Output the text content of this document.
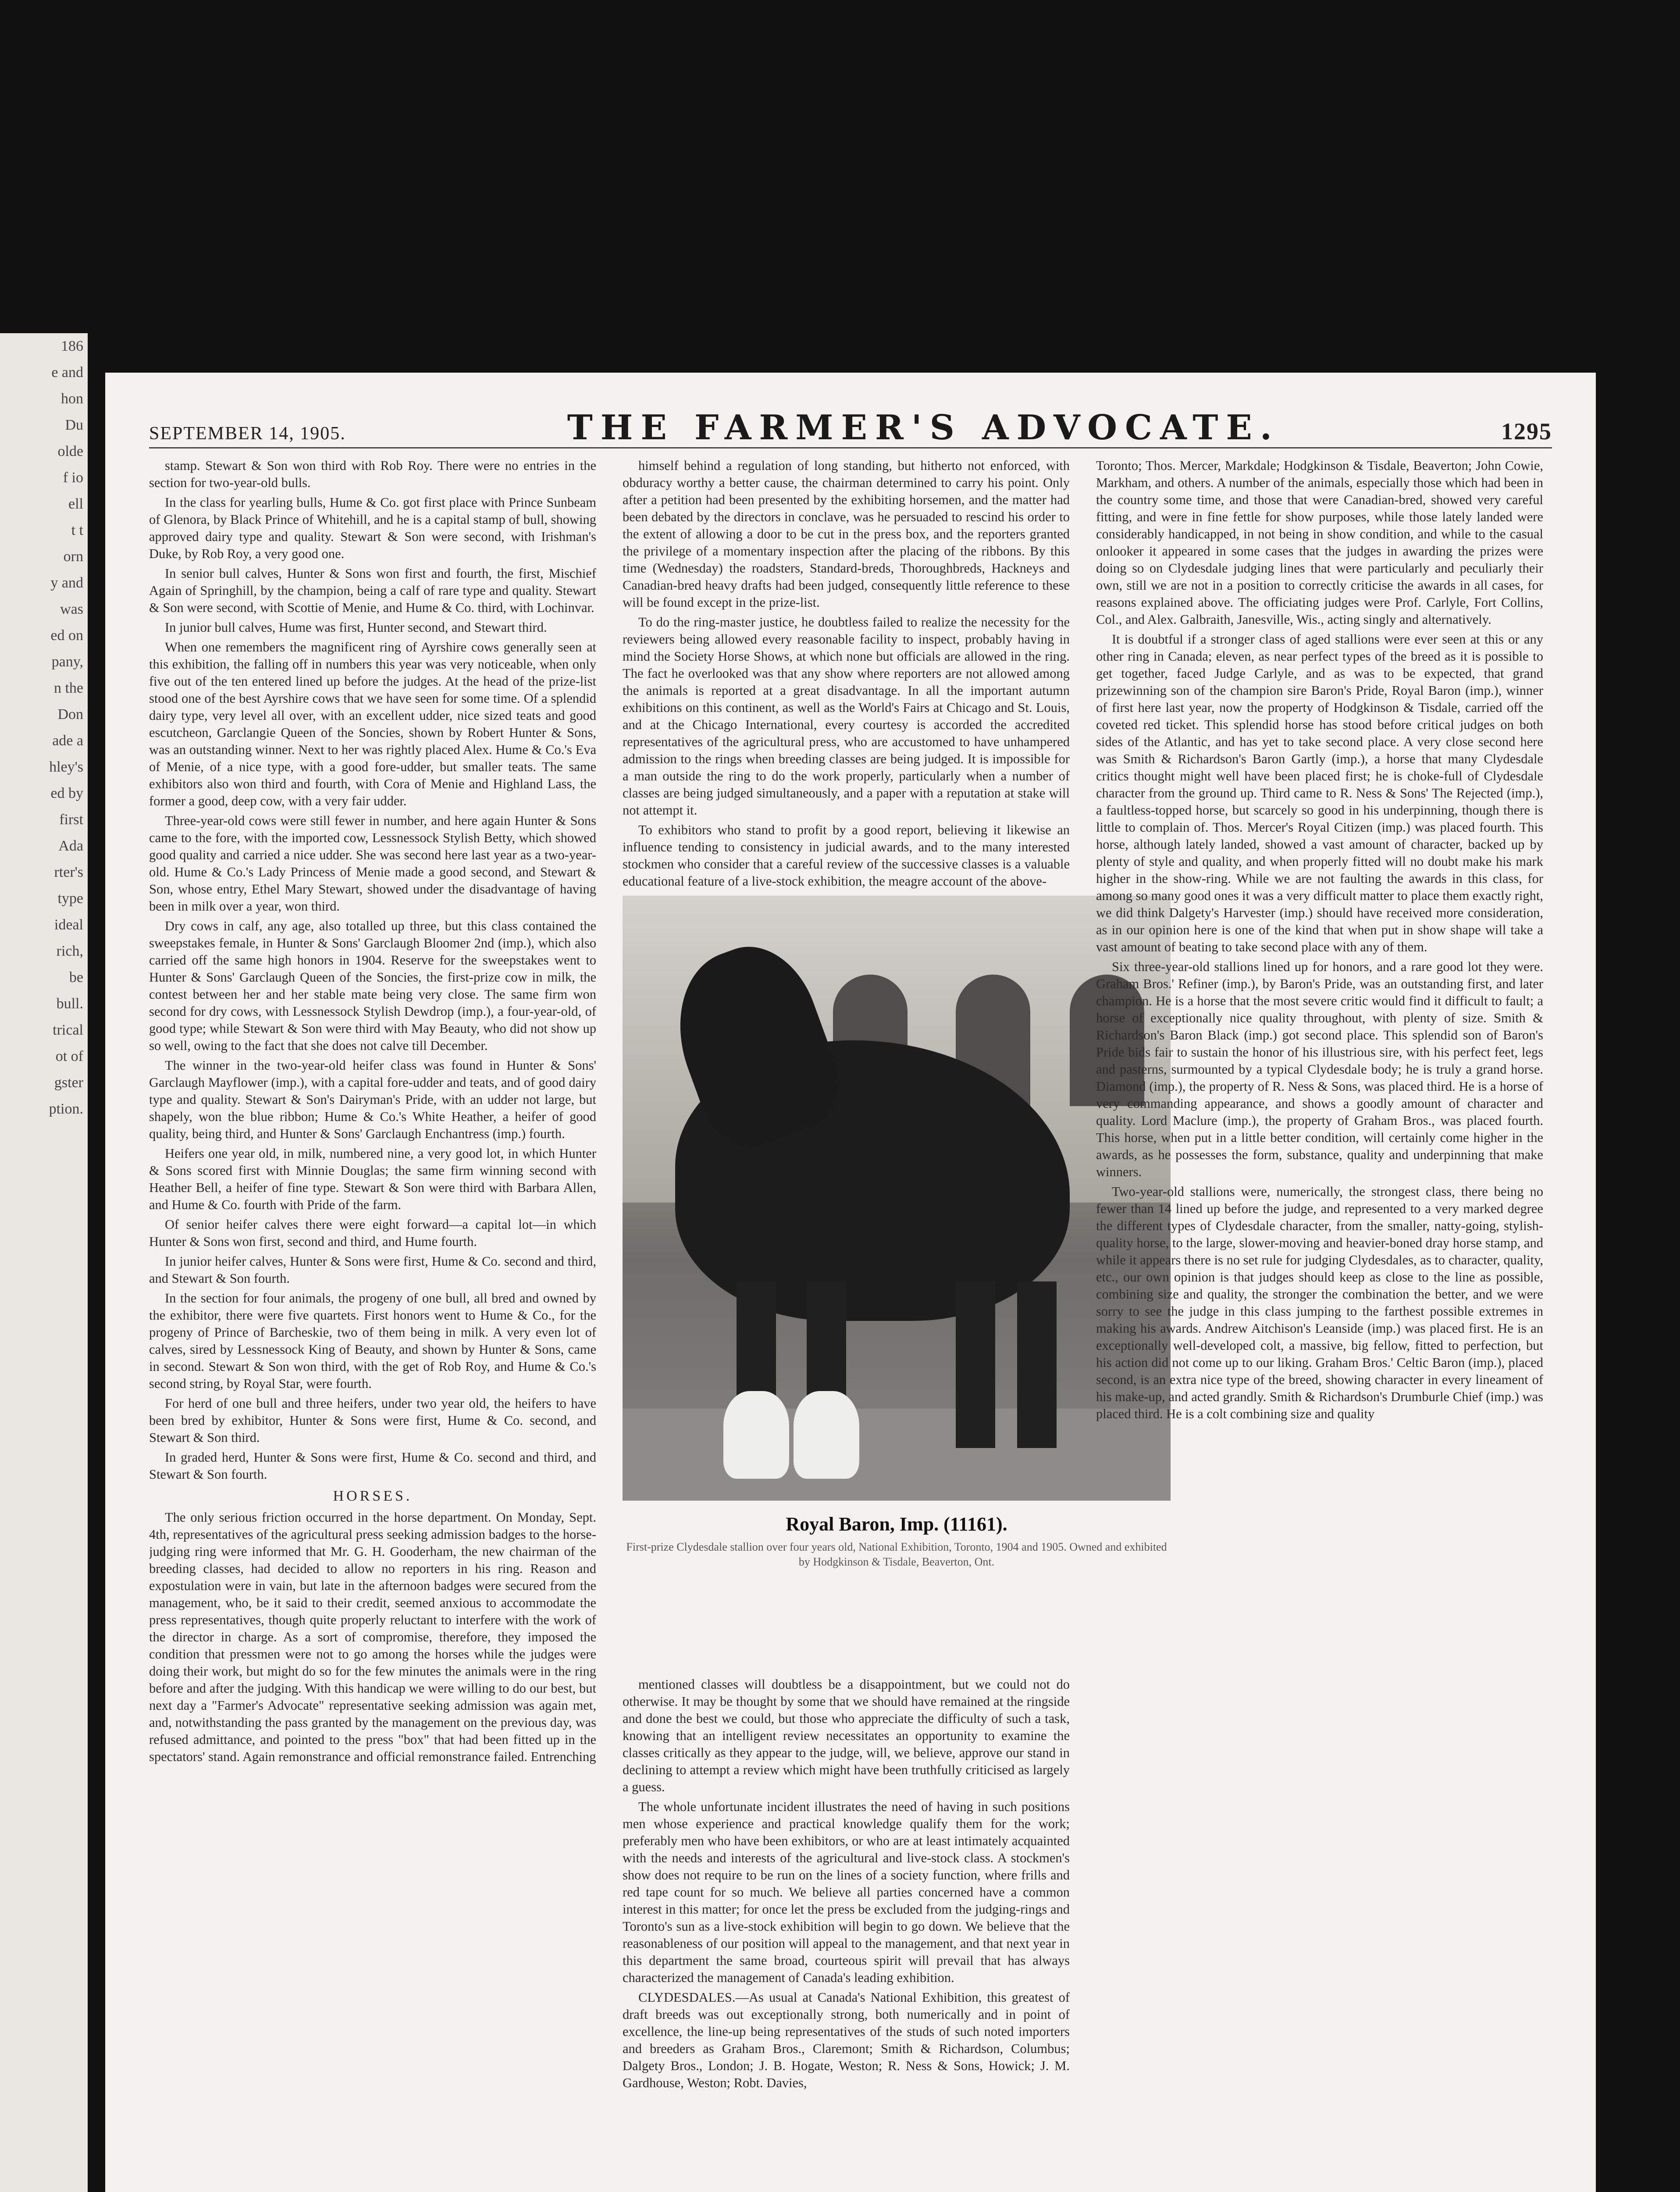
186

e and

hon

Du

olde

f io

ell

t t

orn

y and

was

ed on

pany,

n the

Don

ade a

hley's

ed by

first

Ada

rter's

type

ideal

rich,

be

bull.

trical

ot of

gster

ption.

SEPTEMBER 14, 1905.	THE FARMER'S ADVOCATE.	1295

stamp. Stewart & Son won third with Rob Roy. There were no entries in the section for two-year-old bulls.

In the class for yearling bulls, Hume & Co. got first place with Prince Sunbeam of Glenora, by Black Prince of Whitehill, and he is a capital stamp of bull, showing approved dairy type and quality. Stewart & Son were second, with Irishman's Duke, by Rob Roy, a very good one.

In senior bull calves, Hunter & Sons won first and fourth, the first, Mischief Again of Springhill, by the champion, being a calf of rare type and quality. Stewart & Son were second, with Scottie of Menie, and Hume & Co. third, with Lochinvar.

In junior bull calves, Hume was first, Hunter second, and Stewart third.

When one remembers the magnificent ring of Ayrshire cows generally seen at this exhibition, the falling off in numbers this year was very noticeable, when only five out of the ten entered lined up before the judges. At the head of the prize-list stood one of the best Ayrshire cows that we have seen for some time. Of a splendid dairy type, very level all over, with an excellent udder, nice sized teats and good escutcheon, Garclangie Queen of the Soncies, shown by Robert Hunter & Sons, was an outstanding winner. Next to her was rightly placed Alex. Hume & Co.'s Eva of Menie, of a nice type, with a good fore-udder, but smaller teats. The same exhibitors also won third and fourth, with Cora of Menie and Highland Lass, the former a good, deep cow, with a very fair udder.

Three-year-old cows were still fewer in number, and here again Hunter & Sons came to the fore, with the imported cow, Lessnessock Stylish Betty, which showed good quality and carried a nice udder. She was second here last year as a two-year-old. Hume & Co.'s Lady Princess of Menie made a good second, and Stewart & Son, whose entry, Ethel Mary Stewart, showed under the disadvantage of having been in milk over a year, won third.

Dry cows in calf, any age, also totalled up three, but this class contained the sweepstakes female, in Hunter & Sons' Garclaugh Bloomer 2nd (imp.), which also carried off the same high honors in 1904. Reserve for the sweepstakes went to Hunter & Sons' Garclaugh Queen of the Soncies, the first-prize cow in milk, the contest between her and her stable mate being very close. The same firm won second for dry cows, with Lessnessock Stylish Dewdrop (imp.), a four-year-old, of good type; while Stewart & Son were third with May Beauty, who did not show up so well, owing to the fact that she does not calve till December.

The winner in the two-year-old heifer class was found in Hunter & Sons' Garclaugh Mayflower (imp.), with a capital fore-udder and teats, and of good dairy type and quality. Stewart & Son's Dairyman's Pride, with an udder not large, but shapely, won the blue ribbon; Hume & Co.'s White Heather, a heifer of good quality, being third, and Hunter & Sons' Garclaugh Enchantress (imp.) fourth.

Heifers one year old, in milk, numbered nine, a very good lot, in which Hunter & Sons scored first with Minnie Douglas; the same firm winning second with Heather Bell, a heifer of fine type. Stewart & Son were third with Barbara Allen, and Hume & Co. fourth with Pride of the farm.

Of senior heifer calves there were eight forward—a capital lot—in which Hunter & Sons won first, second and third, and Hume fourth.

In junior heifer calves, Hunter & Sons were first, Hume & Co. second and third, and Stewart & Son fourth.

In the section for four animals, the progeny of one bull, all bred and owned by the exhibitor, there were five quartets. First honors went to Hume & Co., for the progeny of Prince of Barcheskie, two of them being in milk. A very even lot of calves, sired by Lessnessock King of Beauty, and shown by Hunter & Sons, came in second. Stewart & Son won third, with the get of Rob Roy, and Hume & Co.'s second string, by Royal Star, were fourth.

For herd of one bull and three heifers, under two year old, the heifers to have been bred by exhibitor, Hunter & Sons were first, Hume & Co. second, and Stewart & Son third.

In graded herd, Hunter & Sons were first, Hume & Co. second and third, and Stewart & Son fourth.

HORSES.

The only serious friction occurred in the horse department. On Monday, Sept. 4th, representatives of the agricultural press seeking admission badges to the horse-judging ring were informed that Mr. G. H. Gooderham, the new chairman of the breeding classes, had decided to allow no reporters in his ring. Reason and expostulation were in vain, but late in the afternoon badges were secured from the management, who, be it said to their credit, seemed anxious to accommodate the press representatives, though quite properly reluctant to interfere with the work of the director in charge. As a sort of compromise, therefore, they imposed the condition that pressmen were not to go among the horses while the judges were doing their work, but might do so for the few minutes the animals were in the ring before and after the judging. With this handicap we were willing to do our best, but next day a "Farmer's Advocate" representative seeking admission was again met, and, notwithstanding the pass granted by the management on the previous day, was refused admittance, and pointed to the press "box" that had been fitted up in the spectators' stand. Again remonstrance and official remonstrance failed. Entrenching

himself behind a regulation of long standing, but hitherto not enforced, with obduracy worthy a better cause, the chairman determined to carry his point. Only after a petition had been presented by the exhibiting horsemen, and the matter had been debated by the directors in conclave, was he persuaded to rescind his order to the extent of allowing a door to be cut in the press box, and the reporters granted the privilege of a momentary inspection after the placing of the ribbons. By this time (Wednesday) the roadsters, Standard-breds, Thoroughbreds, Hackneys and Canadian-bred heavy drafts had been judged, consequently little reference to these will be found except in the prize-list.

To do the ring-master justice, he doubtless failed to realize the necessity for the reviewers being allowed every reasonable facility to inspect, probably having in mind the Society Horse Shows, at which none but officials are allowed in the ring. The fact he overlooked was that any show where reporters are not allowed among the animals is reported at a great disadvantage. In all the important autumn exhibitions on this continent, as well as the World's Fairs at Chicago and St. Louis, and at the Chicago International, every courtesy is accorded the accredited representatives of the agricultural press, who are accustomed to have unhampered admission to the rings when breeding classes are being judged. It is impossible for a man outside the ring to do the work properly, particularly when a number of classes are being judged simultaneously, and a paper with a reputation at stake will not attempt it.

To exhibitors who stand to profit by a good report, believing it likewise an influence tending to consistency in judicial awards, and to the many interested stockmen who consider that a careful review of the successive classes is a valuable educational feature of a live-stock exhibition, the meagre account of the above-

mentioned classes will doubtless be a disappointment, but we could not do otherwise. It may be thought by some that we should have remained at the ringside and done the best we could, but those who appreciate the difficulty of such a task, knowing that an intelligent review necessitates an opportunity to examine the classes critically as they appear to the judge, will, we believe, approve our stand in declining to attempt a review which might have been truthfully criticised as largely a guess.

The whole unfortunate incident illustrates the need of having in such positions men whose experience and practical knowledge qualify them for the work; preferably men who have been exhibitors, or who are at least intimately acquainted with the needs and interests of the agricultural and live-stock class. A stockmen's show does not require to be run on the lines of a society function, where frills and red tape count for so much. We believe all parties concerned have a common interest in this matter; for once let the press be excluded from the judging-rings and Toronto's sun as a live-stock exhibition will begin to go down. We believe that the reasonableness of our position will appeal to the management, and that next year in this department the same broad, courteous spirit will prevail that has always characterized the management of Canada's leading exhibition.

CLYDESDALES.—As usual at Canada's National Exhibition, this greatest of draft breeds was out exceptionally strong, both numerically and in point of excellence, the line-up being representatives of the studs of such noted importers and breeders as Graham Bros., Claremont; Smith & Richardson, Columbus; Dalgety Bros., London; J. B. Hogate, Weston; R. Ness & Sons, Howick; J. M. Gardhouse, Weston; Robt. Davies,

Royal Baron, Imp. (11161).
First-prize Clydesdale stallion over four years old, National Exhibition, Toronto, 1904 and 1905. Owned and exhibited by Hodgkinson & Tisdale, Beaverton, Ont.

Toronto; Thos. Mercer, Markdale; Hodgkinson & Tisdale, Beaverton; John Cowie, Markham, and others. A number of the animals, especially those which had been in the country some time, and those that were Canadian-bred, showed very careful fitting, and were in fine fettle for show purposes, while those lately landed were considerably handicapped, in not being in show condition, and while to the casual onlooker it appeared in some cases that the judges in awarding the prizes were doing so on Clydesdale judging lines that were particularly and peculiarly their own, still we are not in a position to correctly criticise the awards in all cases, for reasons explained above. The officiating judges were Prof. Carlyle, Fort Collins, Col., and Alex. Galbraith, Janesville, Wis., acting singly and alternatively.

It is doubtful if a stronger class of aged stallions were ever seen at this or any other ring in Canada; eleven, as near perfect types of the breed as it is possible to get together, faced Judge Carlyle, and as was to be expected, that grand prizewinning son of the champion sire Baron's Pride, Royal Baron (imp.), winner of first here last year, now the property of Hodgkinson & Tisdale, carried off the coveted red ticket. This splendid horse has stood before critical judges on both sides of the Atlantic, and has yet to take second place. A very close second here was Smith & Richardson's Baron Gartly (imp.), a horse that many Clydesdale critics thought might well have been placed first; he is choke-full of Clydesdale character from the ground up. Third came to R. Ness & Sons' The Rejected (imp.), a faultless-topped horse, but scarcely so good in his underpinning, though there is little to complain of. Thos. Mercer's Royal Citizen (imp.) was placed fourth. This horse, although lately landed, showed a vast amount of character, backed up by plenty of style and quality, and when properly fitted will no doubt make his mark higher in the show-ring. While we are not faulting the awards in this class, for among so many good ones it was a very difficult matter to place them exactly right, we did think Dalgety's Harvester (imp.) should have received more consideration, as in our opinion here is one of the kind that when put in show shape will take a vast amount of beating to take second place with any of them.

Six three-year-old stallions lined up for honors, and a rare good lot they were. Graham Bros.' Refiner (imp.), by Baron's Pride, was an outstanding first, and later champion. He is a horse that the most severe critic would find it difficult to fault; a horse of exceptionally nice quality throughout, with plenty of size. Smith & Richardson's Baron Black (imp.) got second place. This splendid son of Baron's Pride bids fair to sustain the honor of his illustrious sire, with his perfect feet, legs and pasterns, surmounted by a typical Clydesdale body; he is truly a grand horse. Diamond (imp.), the property of R. Ness & Sons, was placed third. He is a horse of very commanding appearance, and shows a goodly amount of character and quality. Lord Maclure (imp.), the property of Graham Bros., was placed fourth. This horse, when put in a little better condition, will certainly come higher in the awards, as he possesses the form, substance, quality and underpinning that make winners.

Two-year-old stallions were, numerically, the strongest class, there being no fewer than 14 lined up before the judge, and represented to a very marked degree the different types of Clydesdale character, from the smaller, natty-going, stylish-quality horse, to the large, slower-moving and heavier-boned dray horse stamp, and while it appears there is no set rule for judging Clydesdales, as to character, quality, etc., our own opinion is that judges should keep as close to the line as possible, combining size and quality, the stronger the combination the better, and we were sorry to see the judge in this class jumping to the farthest possible extremes in making his awards. Andrew Aitchison's Leanside (imp.) was placed first. He is an exceptionally well-developed colt, a massive, big fellow, fitted to perfection, but his action did not come up to our liking. Graham Bros.' Celtic Baron (imp.), placed second, is an extra nice type of the breed, showing character in every lineament of his make-up, and acted grandly. Smith & Richardson's Drumburle Chief (imp.) was placed third. He is a colt combining size and quality
